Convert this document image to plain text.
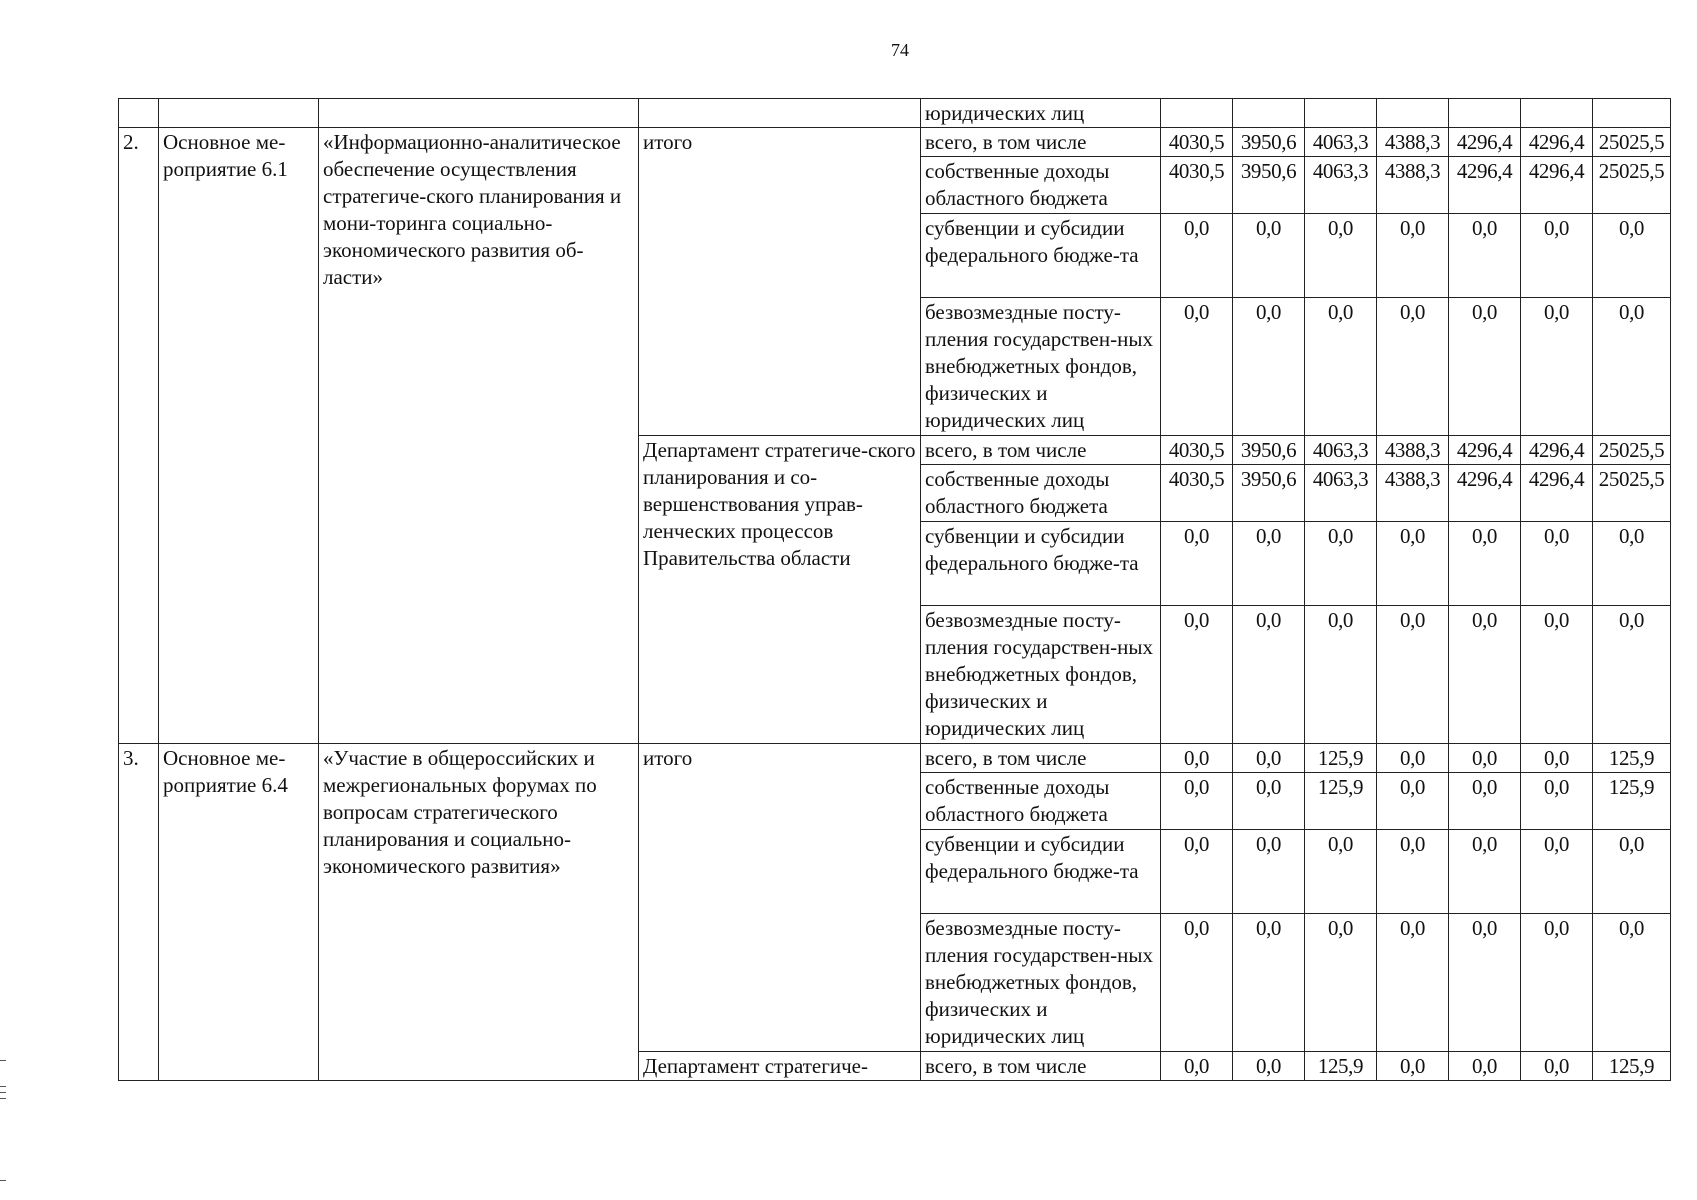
74
				юридических лиц							
2.	Основное ме-роприятие 6.1	«Информационно-аналитическое обеспечение осуществления стратегиче-ского планирования и мони-торинга социально-экономического развития об-ласти»	итого	всего, в том числе	4030,5	3950,6	4063,3	4388,3	4296,4	4296,4	25025,5
				собственные доходы областного бюджета	4030,5	3950,6	4063,3	4388,3	4296,4	4296,4	25025,5
				субвенции и субсидии федерального бюдже-та	0,0	0,0	0,0	0,0	0,0	0,0	0,0
				безвозмездные посту-пления государствен-ных внебюджетных фондов, физических и юридических лиц	0,0	0,0	0,0	0,0	0,0	0,0	0,0
			Департамент стратегиче-ского планирования и со-вершенствования управ-ленческих процессов Правительства области	всего, в том числе	4030,5	3950,6	4063,3	4388,3	4296,4	4296,4	25025,5
				собственные доходы областного бюджета	4030,5	3950,6	4063,3	4388,3	4296,4	4296,4	25025,5
				субвенции и субсидии федерального бюдже-та	0,0	0,0	0,0	0,0	0,0	0,0	0,0
				безвозмездные посту-пления государствен-ных внебюджетных фондов, физических и юридических лиц	0,0	0,0	0,0	0,0	0,0	0,0	0,0
3.	Основное ме-роприятие 6.4	«Участие в общероссийских и межрегиональных форумах по вопросам стратегического планирования и социально-экономического развития»	итого	всего, в том числе	0,0	0,0	125,9	0,0	0,0	0,0	125,9
				собственные доходы областного бюджета	0,0	0,0	125,9	0,0	0,0	0,0	125,9
				субвенции и субсидии федерального бюдже-та	0,0	0,0	0,0	0,0	0,0	0,0	0,0
				безвозмездные посту-пления государствен-ных внебюджетных фондов, физических и юридических лиц	0,0	0,0	0,0	0,0	0,0	0,0	0,0
			Департамент стратегиче-	всего, в том числе	0,0	0,0	125,9	0,0	0,0	0,0	125,9
